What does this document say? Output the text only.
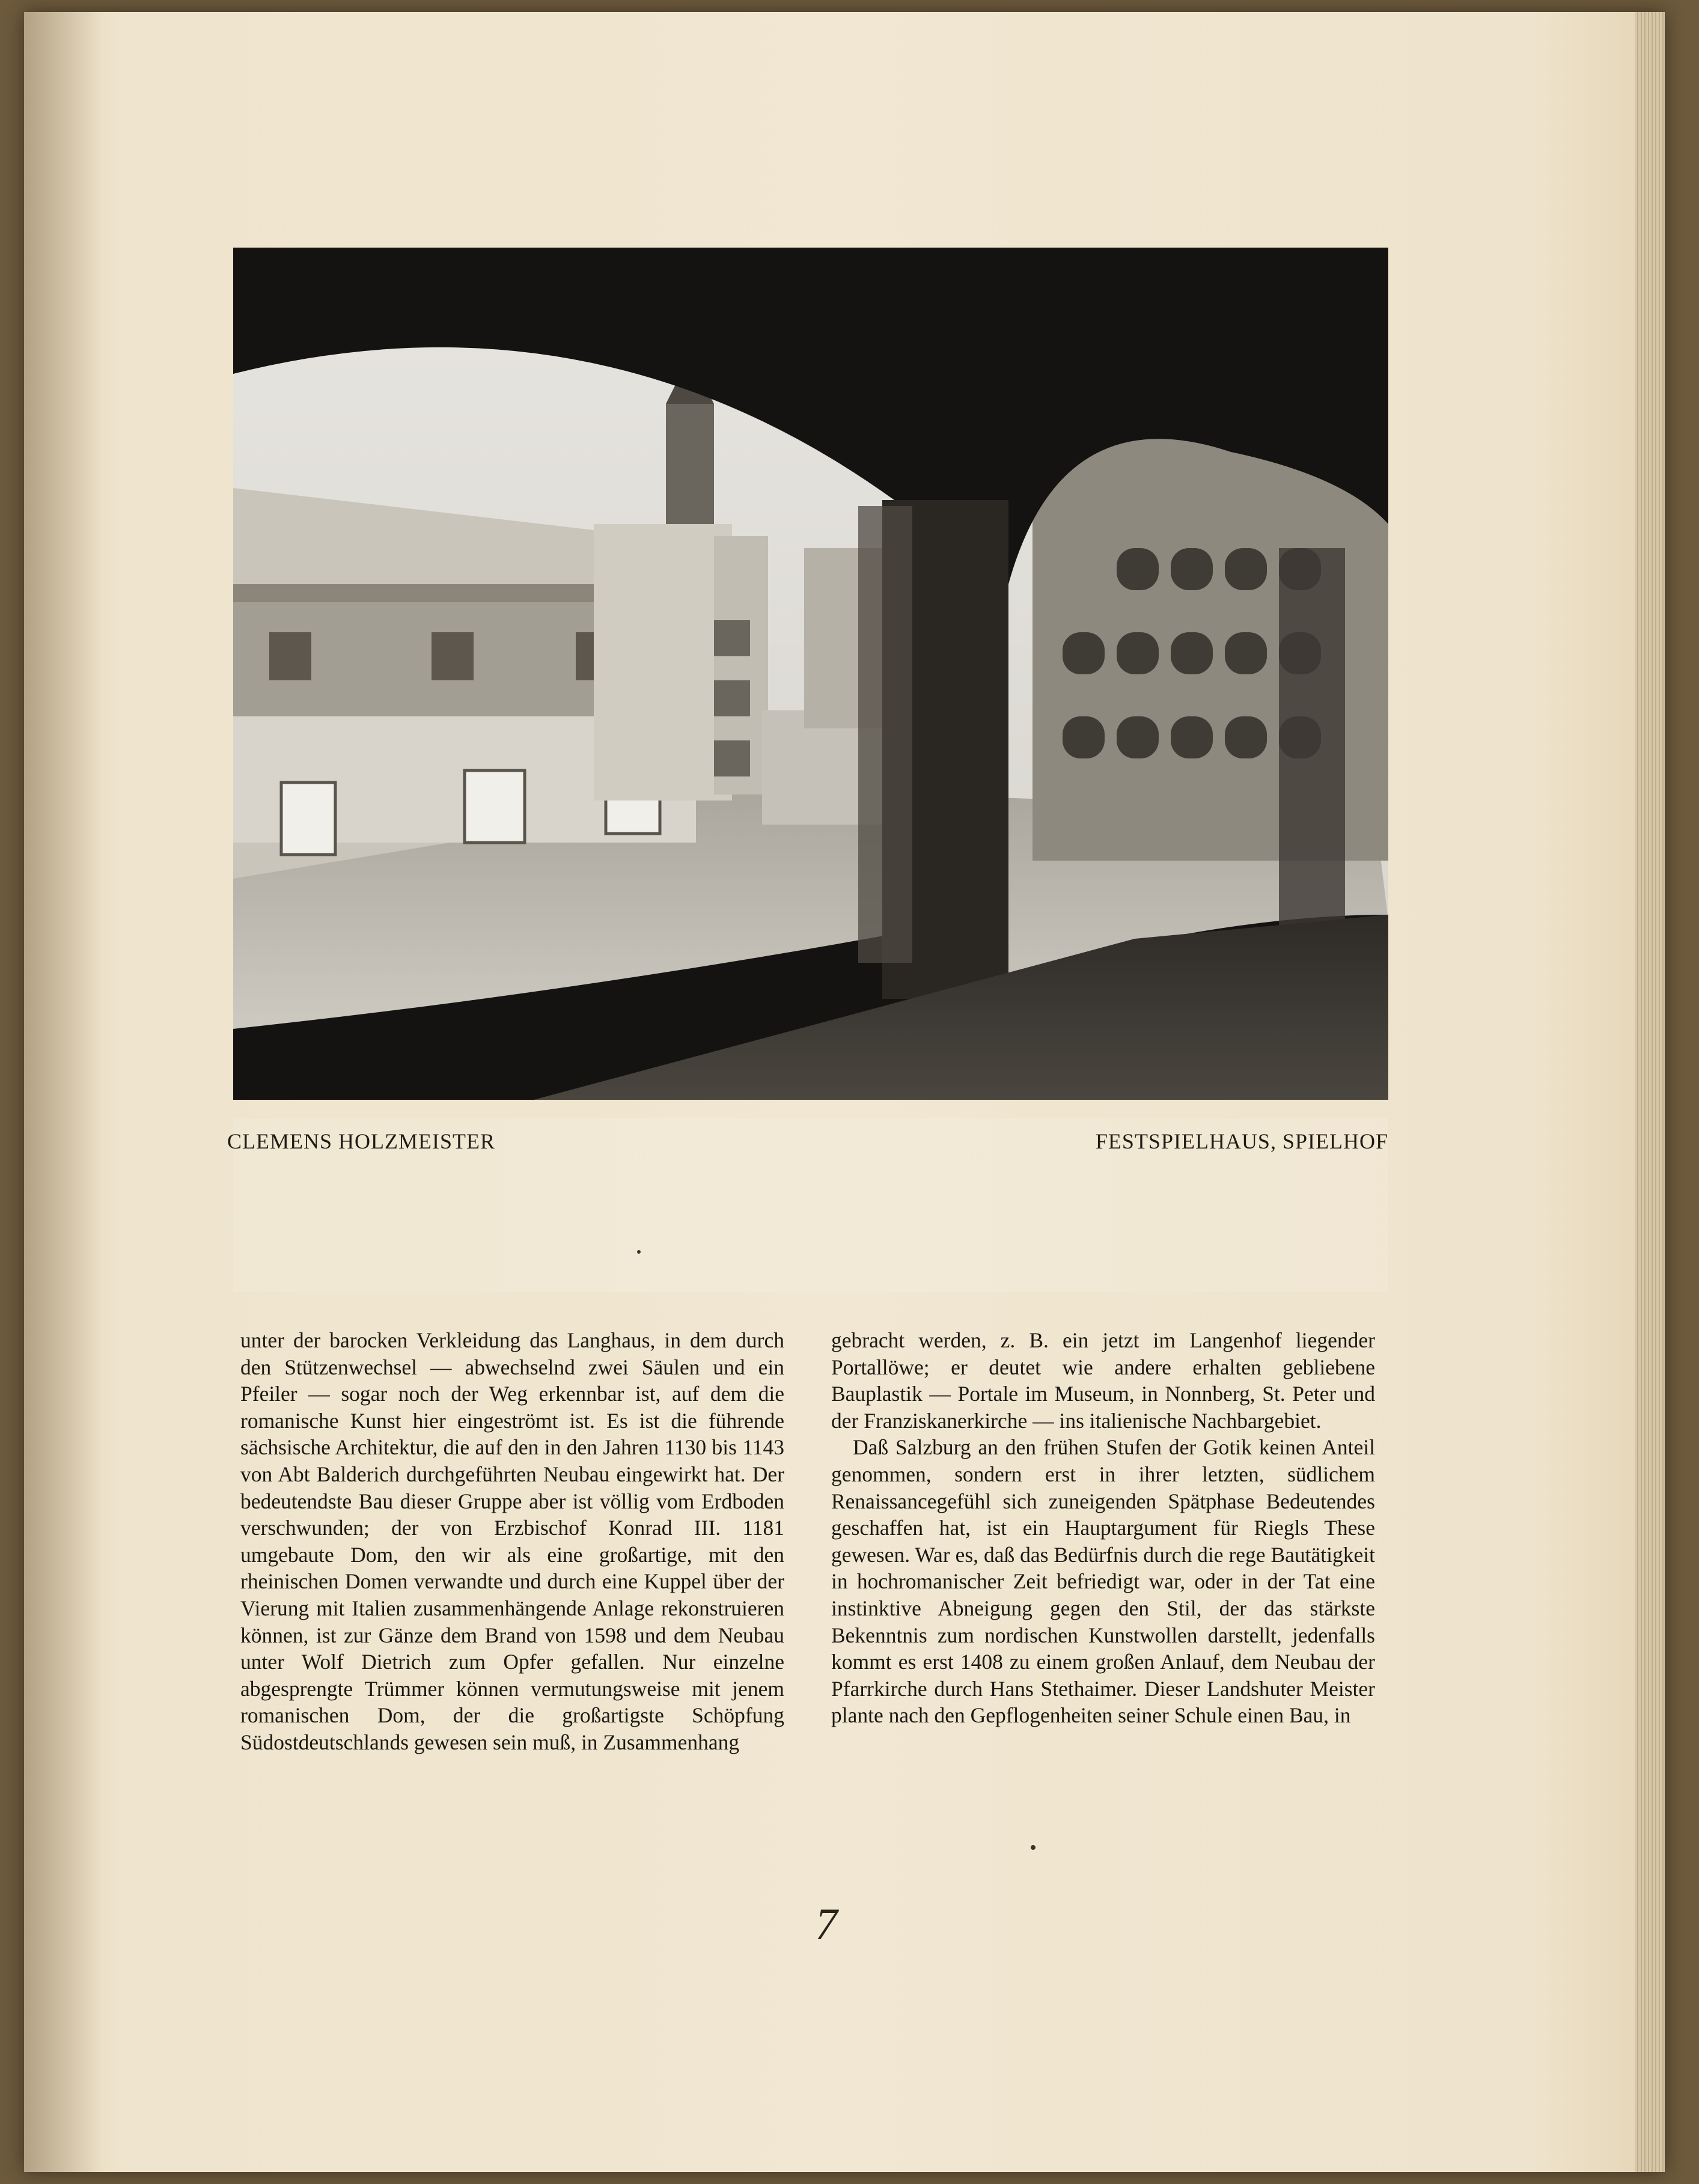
CLEMENS HOLZMEISTER	FESTSPIELHAUS, SPIELHOF

unter der barocken Verkleidung das Langhaus, in dem durch den Stützenwechsel — abwechselnd zwei Säulen und ein Pfeiler — sogar noch der Weg erkennbar ist, auf dem die romanische Kunst hier eingeströmt ist. Es ist die führende sächsische Architektur, die auf den in den Jahren 1130 bis 1143 von Abt Balderich durchgeführten Neubau eingewirkt hat. Der bedeutendste Bau dieser Gruppe aber ist völlig vom Erdboden verschwunden; der von Erzbischof Konrad III. 1181 umgebaute Dom, den wir als eine großartige, mit den rheinischen Domen verwandte und durch eine Kuppel über der Vierung mit Italien zusammenhängende Anlage rekonstruieren können, ist zur Gänze dem Brand von 1598 und dem Neubau unter Wolf Dietrich zum Opfer gefallen. Nur einzelne abgesprengte Trümmer können vermutungsweise mit jenem romanischen Dom, der die großartigste Schöpfung Südostdeutschlands gewesen sein muß, in Zusammenhang

gebracht werden, z. B. ein jetzt im Langenhof liegender Portallöwe; er deutet wie andere erhalten gebliebene Bauplastik — Portale im Museum, in Nonnberg, St. Peter und der Franziskanerkirche — ins italienische Nachbargebiet.

Daß Salzburg an den frühen Stufen der Gotik keinen Anteil genommen, sondern erst in ihrer letzten, südlichem Renaissancegefühl sich zuneigenden Spätphase Bedeutendes geschaffen hat, ist ein Hauptargument für Riegls These gewesen. War es, daß das Bedürfnis durch die rege Bautätigkeit in hochromanischer Zeit befriedigt war, oder in der Tat eine instinktive Abneigung gegen den Stil, der das stärkste Bekenntnis zum nordischen Kunstwollen darstellt, jedenfalls kommt es erst 1408 zu einem großen Anlauf, dem Neubau der Pfarrkirche durch Hans Stethaimer. Dieser Landshuter Meister plante nach den Gepflogenheiten seiner Schule einen Bau, in

7
